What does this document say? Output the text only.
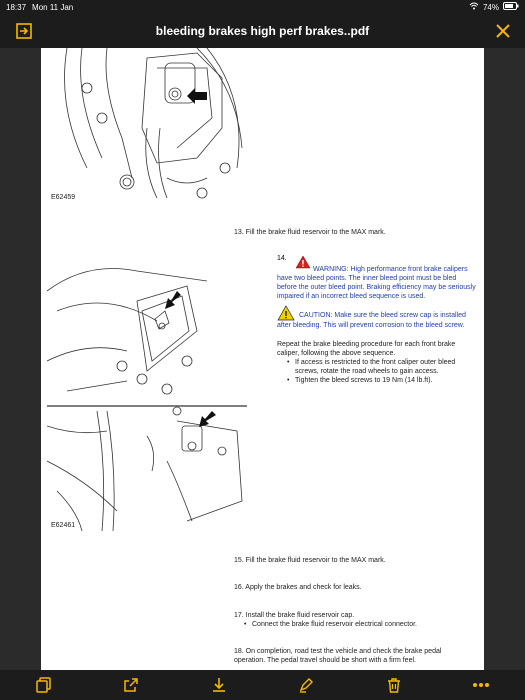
18:37 Mon 11 Jan	74%
bleeding brakes high perf brakes..pdf
E62459
13. Fill the brake fluid reservoir to the MAX mark.
E62461
14.
WARNING: High performance front brake calipers have two bleed points. The inner bleed point must be bled before the outer bleed point. Braking efficiency may be seriously impaired if an incorrect bleed sequence is used.
CAUTION: Make sure the bleed screw cap is installed after bleeding. This will prevent corrosion to the bleed screw.
Repeat the brake bleeding procedure for each front brake caliper, following the above sequence.
• If access is restricted to the front caliper outer bleed screws, rotate the road wheels to gain access.
• Tighten the bleed screws to 19 Nm (14 lb.ft).
15. Fill the brake fluid reservoir to the MAX mark.
16. Apply the brakes and check for leaks.
17. Install the brake fluid reservoir cap.
• Connect the brake fluid reservoir electrical connector.
18. On completion, road test the vehicle and check the brake pedal operation. The pedal travel should be short with a firm feel.
